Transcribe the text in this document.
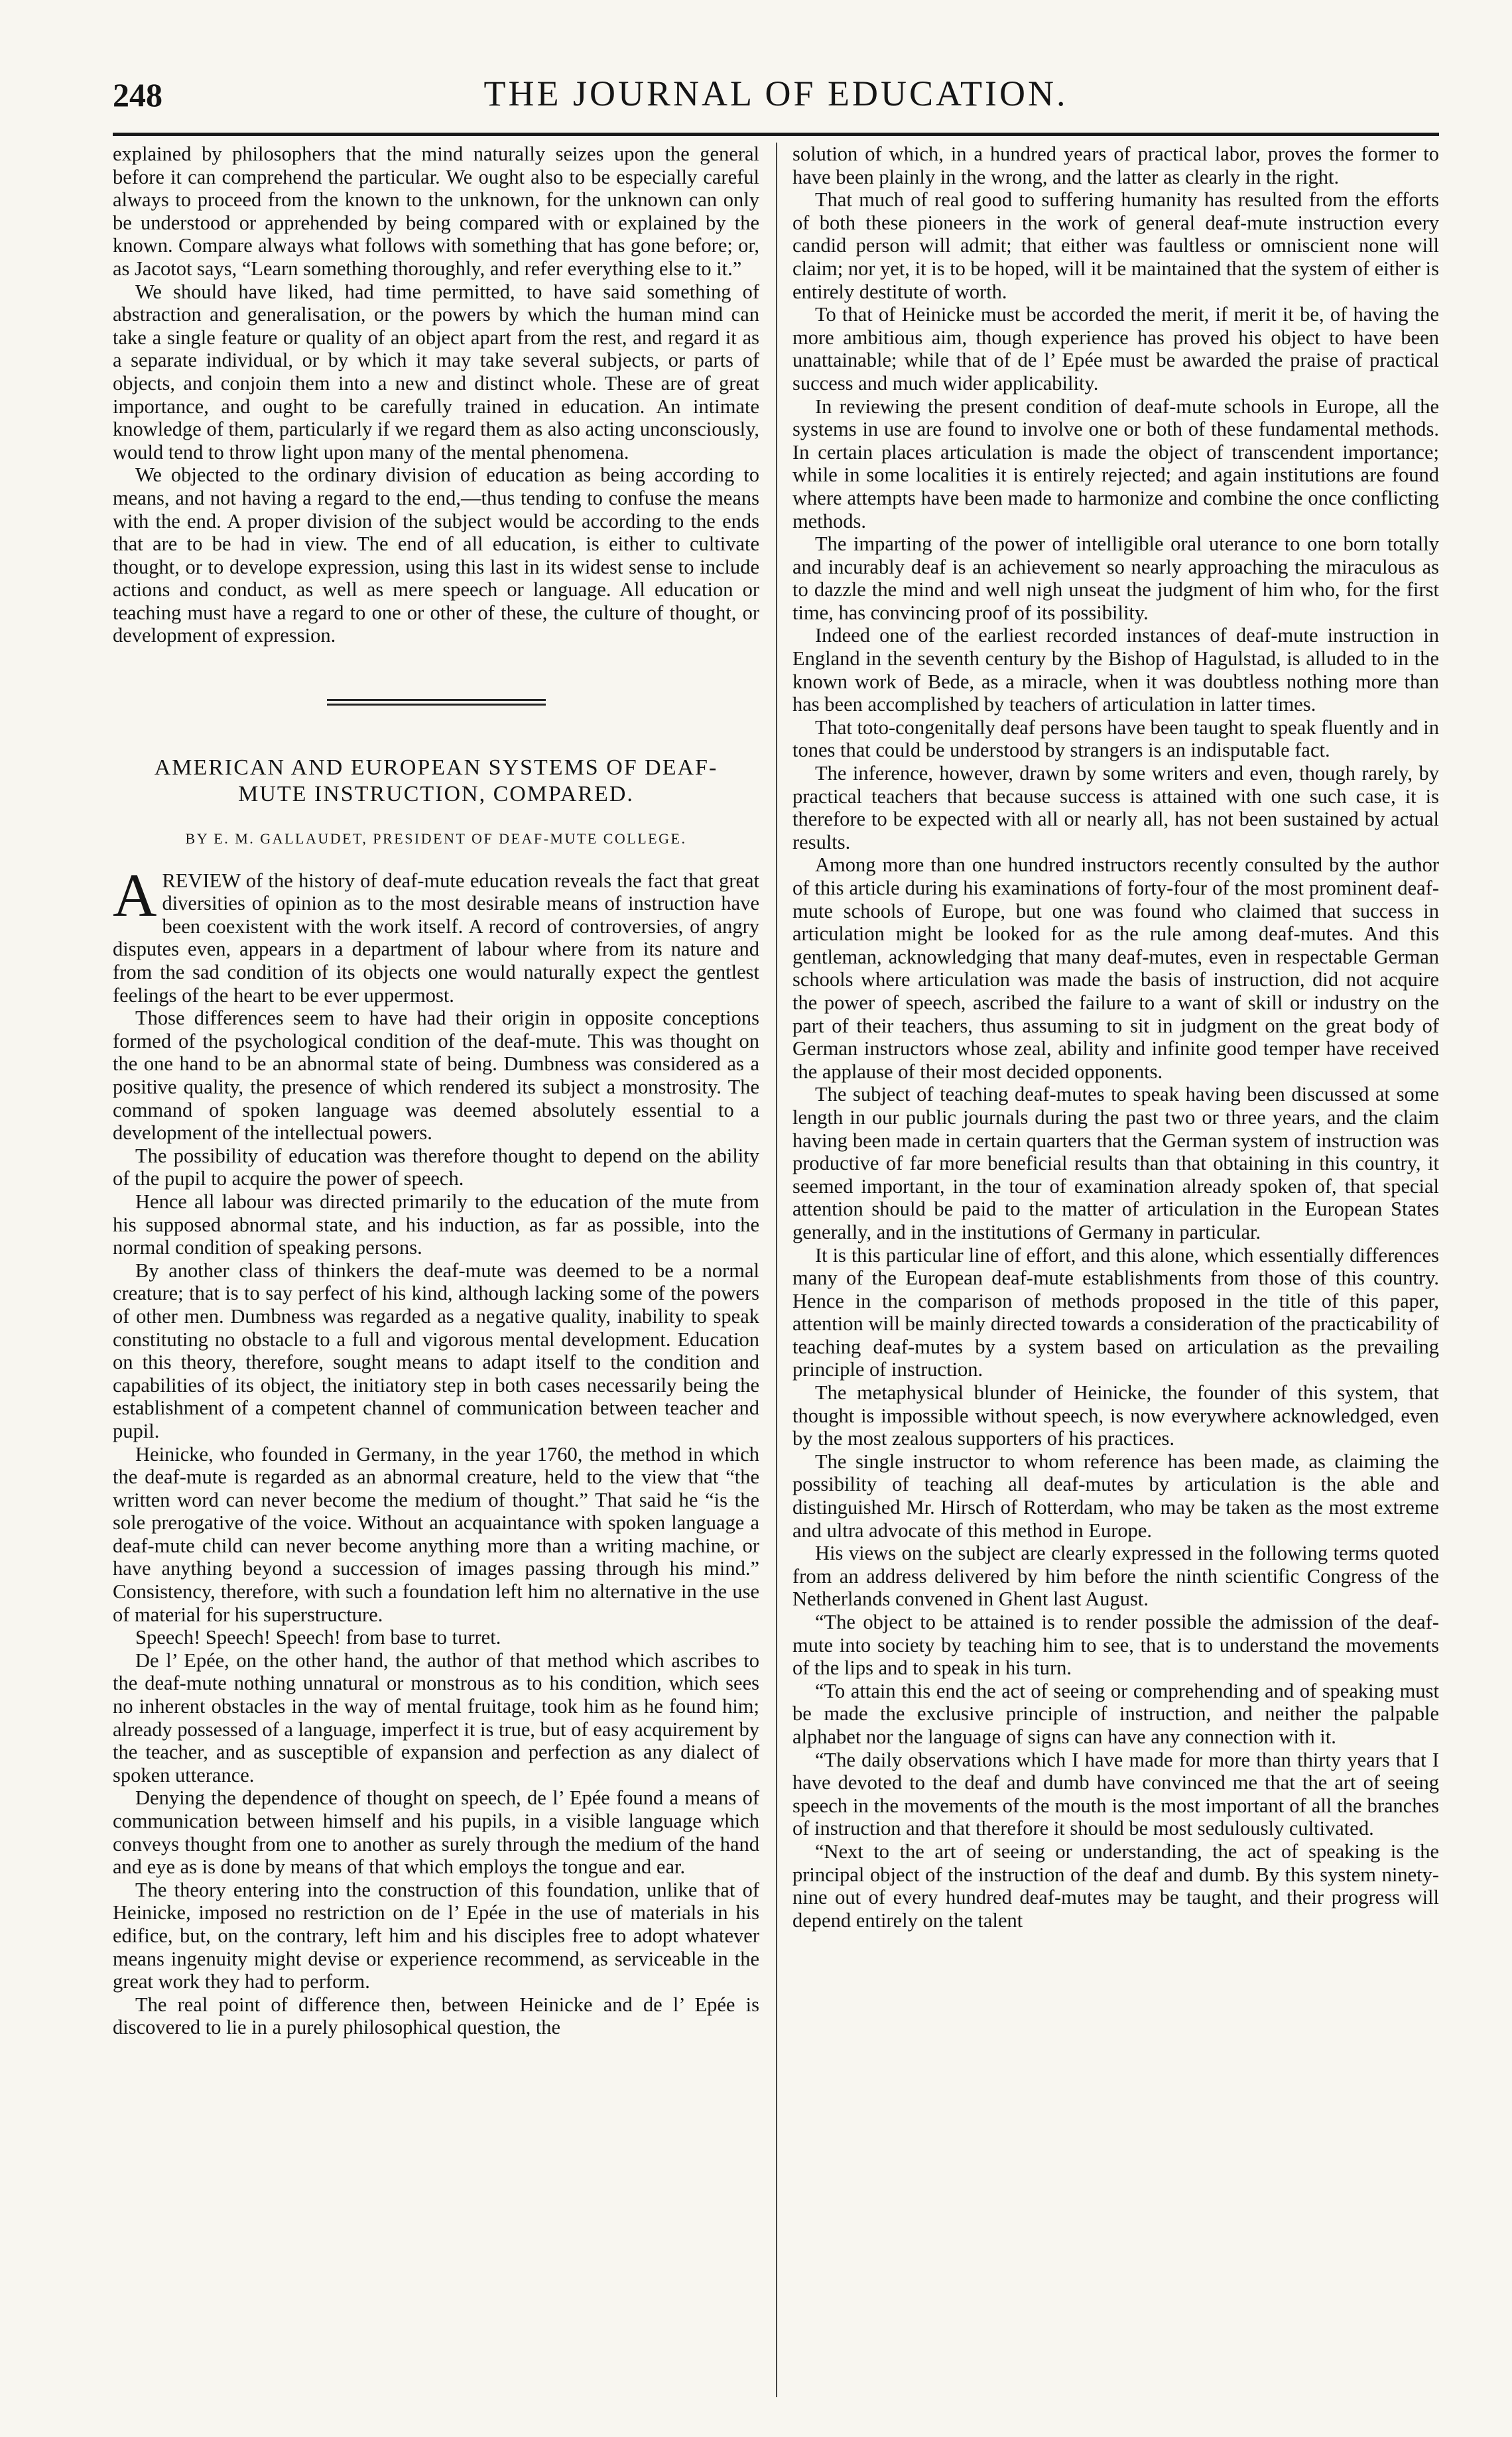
248	THE JOURNAL OF EDUCATION.

explained by philosophers that the mind naturally seizes upon the general before it can comprehend the particular. We ought also to be especially careful always to proceed from the known to the unknown, for the unknown can only be understood or apprehended by being compared with or explained by the known. Compare always what follows with something that has gone before; or, as Jacotot says, “Learn something thoroughly, and refer everything else to it.”

We should have liked, had time permitted, to have said something of abstraction and generalisation, or the powers by which the human mind can take a single feature or quality of an object apart from the rest, and regard it as a separate individual, or by which it may take several subjects, or parts of objects, and conjoin them into a new and distinct whole. These are of great importance, and ought to be carefully trained in education. An intimate knowledge of them, particularly if we regard them as also acting unconsciously, would tend to throw light upon many of the mental phenomena.

We objected to the ordinary division of education as being according to means, and not having a regard to the end,—thus tending to confuse the means with the end. A proper division of the subject would be according to the ends that are to be had in view. The end of all education, is either to cultivate thought, or to develope expression, using this last in its widest sense to include actions and conduct, as well as mere speech or language. All education or teaching must have a regard to one or other of these, the culture of thought, or development of expression.

AMERICAN AND EUROPEAN SYSTEMS OF DEAF-MUTE INSTRUCTION, COMPARED.
BY E. M. GALLAUDET, PRESIDENT OF DEAF-MUTE COLLEGE.

AREVIEW of the history of deaf-mute education reveals the fact that great diversities of opinion as to the most desirable means of instruction have been coexistent with the work itself. A record of controversies, of angry disputes even, appears in a department of labour where from its nature and from the sad condition of its objects one would naturally expect the gentlest feelings of the heart to be ever uppermost.

Those differences seem to have had their origin in opposite conceptions formed of the psychological condition of the deaf-mute. This was thought on the one hand to be an abnormal state of being. Dumbness was considered as a positive quality, the presence of which rendered its subject a monstrosity. The command of spoken language was deemed absolutely essential to a development of the intellectual powers.

The possibility of education was therefore thought to depend on the ability of the pupil to acquire the power of speech.

Hence all labour was directed primarily to the education of the mute from his supposed abnormal state, and his induction, as far as possible, into the normal condition of speaking persons.

By another class of thinkers the deaf-mute was deemed to be a normal creature; that is to say perfect of his kind, although lacking some of the powers of other men. Dumbness was regarded as a negative quality, inability to speak constituting no obstacle to a full and vigorous mental development. Education on this theory, therefore, sought means to adapt itself to the condition and capabilities of its object, the initiatory step in both cases necessarily being the establishment of a competent channel of communication between teacher and pupil.

Heinicke, who founded in Germany, in the year 1760, the method in which the deaf-mute is regarded as an abnormal creature, held to the view that “the written word can never become the medium of thought.” That said he “is the sole prerogative of the voice. Without an acquaintance with spoken language a deaf-mute child can never become anything more than a writing machine, or have anything beyond a succession of images passing through his mind.” Consistency, therefore, with such a foundation left him no alternative in the use of material for his superstructure.

Speech! Speech! Speech! from base to turret.

De l’ Epée, on the other hand, the author of that method which ascribes to the deaf-mute nothing unnatural or monstrous as to his condition, which sees no inherent obstacles in the way of mental fruitage, took him as he found him; already possessed of a language, imperfect it is true, but of easy acquirement by the teacher, and as susceptible of expansion and perfection as any dialect of spoken utterance.

Denying the dependence of thought on speech, de l’ Epée found a means of communication between himself and his pupils, in a visible language which conveys thought from one to another as surely through the medium of the hand and eye as is done by means of that which employs the tongue and ear.

The theory entering into the construction of this foundation, unlike that of Heinicke, imposed no restriction on de l’ Epée in the use of materials in his edifice, but, on the contrary, left him and his disciples free to adopt whatever means ingenuity might devise or experience recommend, as serviceable in the great work they had to perform.

The real point of difference then, between Heinicke and de l’ Epée is discovered to lie in a purely philosophical question, the

solution of which, in a hundred years of practical labor, proves the former to have been plainly in the wrong, and the latter as clearly in the right.

That much of real good to suffering humanity has resulted from the efforts of both these pioneers in the work of general deaf-mute instruction every candid person will admit; that either was faultless or omniscient none will claim; nor yet, it is to be hoped, will it be maintained that the system of either is entirely destitute of worth.

To that of Heinicke must be accorded the merit, if merit it be, of having the more ambitious aim, though experience has proved his object to have been unattainable; while that of de l’ Epée must be awarded the praise of practical success and much wider applicability.

In reviewing the present condition of deaf-mute schools in Europe, all the systems in use are found to involve one or both of these fundamental methods. In certain places articulation is made the object of transcendent importance; while in some localities it is entirely rejected; and again institutions are found where attempts have been made to harmonize and combine the once conflicting methods.

The imparting of the power of intelligible oral uterance to one born totally and incurably deaf is an achievement so nearly approaching the miraculous as to dazzle the mind and well nigh unseat the judgment of him who, for the first time, has convincing proof of its possibility.

Indeed one of the earliest recorded instances of deaf-mute instruction in England in the seventh century by the Bishop of Hagulstad, is alluded to in the known work of Bede, as a miracle, when it was doubtless nothing more than has been accomplished by teachers of articulation in latter times.

That toto-congenitally deaf persons have been taught to speak fluently and in tones that could be understood by strangers is an indisputable fact.

The inference, however, drawn by some writers and even, though rarely, by practical teachers that because success is attained with one such case, it is therefore to be expected with all or nearly all, has not been sustained by actual results.

Among more than one hundred instructors recently consulted by the author of this article during his examinations of forty-four of the most prominent deaf-mute schools of Europe, but one was found who claimed that success in articulation might be looked for as the rule among deaf-mutes. And this gentleman, acknowledging that many deaf-mutes, even in respectable German schools where articulation was made the basis of instruction, did not acquire the power of speech, ascribed the failure to a want of skill or industry on the part of their teachers, thus assuming to sit in judgment on the great body of German instructors whose zeal, ability and infinite good temper have received the applause of their most decided opponents.

The subject of teaching deaf-mutes to speak having been discussed at some length in our public journals during the past two or three years, and the claim having been made in certain quarters that the German system of instruction was productive of far more beneficial results than that obtaining in this country, it seemed important, in the tour of examination already spoken of, that special attention should be paid to the matter of articulation in the European States generally, and in the institutions of Germany in particular.

It is this particular line of effort, and this alone, which essentially differences many of the European deaf-mute establishments from those of this country. Hence in the comparison of methods proposed in the title of this paper, attention will be mainly directed towards a consideration of the practicability of teaching deaf-mutes by a system based on articulation as the prevailing principle of instruction.

The metaphysical blunder of Heinicke, the founder of this system, that thought is impossible without speech, is now everywhere acknowledged, even by the most zealous supporters of his practices.

The single instructor to whom reference has been made, as claiming the possibility of teaching all deaf-mutes by articulation is the able and distinguished Mr. Hirsch of Rotterdam, who may be taken as the most extreme and ultra advocate of this method in Europe.

His views on the subject are clearly expressed in the following terms quoted from an address delivered by him before the ninth scientific Congress of the Netherlands convened in Ghent last August.

“The object to be attained is to render possible the admission of the deaf-mute into society by teaching him to see, that is to understand the movements of the lips and to speak in his turn.

“To attain this end the act of seeing or comprehending and of speaking must be made the exclusive principle of instruction, and neither the palpable alphabet nor the language of signs can have any connection with it.

“The daily observations which I have made for more than thirty years that I have devoted to the deaf and dumb have convinced me that the art of seeing speech in the movements of the mouth is the most important of all the branches of instruction and that therefore it should be most sedulously cultivated.

“Next to the art of seeing or understanding, the act of speaking is the principal object of the instruction of the deaf and dumb. By this system ninety-nine out of every hundred deaf-mutes may be taught, and their progress will depend entirely on the talent
